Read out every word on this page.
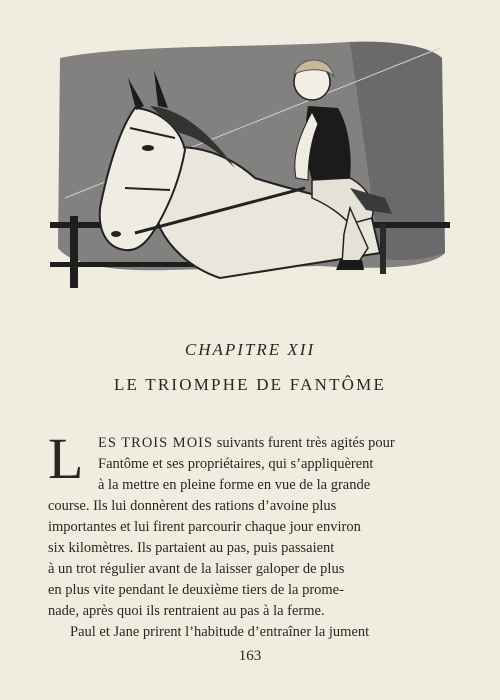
CHAPITRE XII
LE TRIOMPHE DE FANTÔME
L ES TROIS MOIS suivants furent très agités pour
Fantôme et ses propriétaires, qui s’appliquèrent
à la mettre en pleine forme en vue de la grande
course. Ils lui donnèrent des rations d’avoine plus
importantes et lui firent parcourir chaque jour environ
six kilomètres. Ils partaient au pas, puis passaient
à un trot régulier avant de la laisser galoper de plus
en plus vite pendant le deuxième tiers de la prome-
nade, après quoi ils rentraient au pas à la ferme.
Paul et Jane prirent l’habitude d’entraîner la jument
163
